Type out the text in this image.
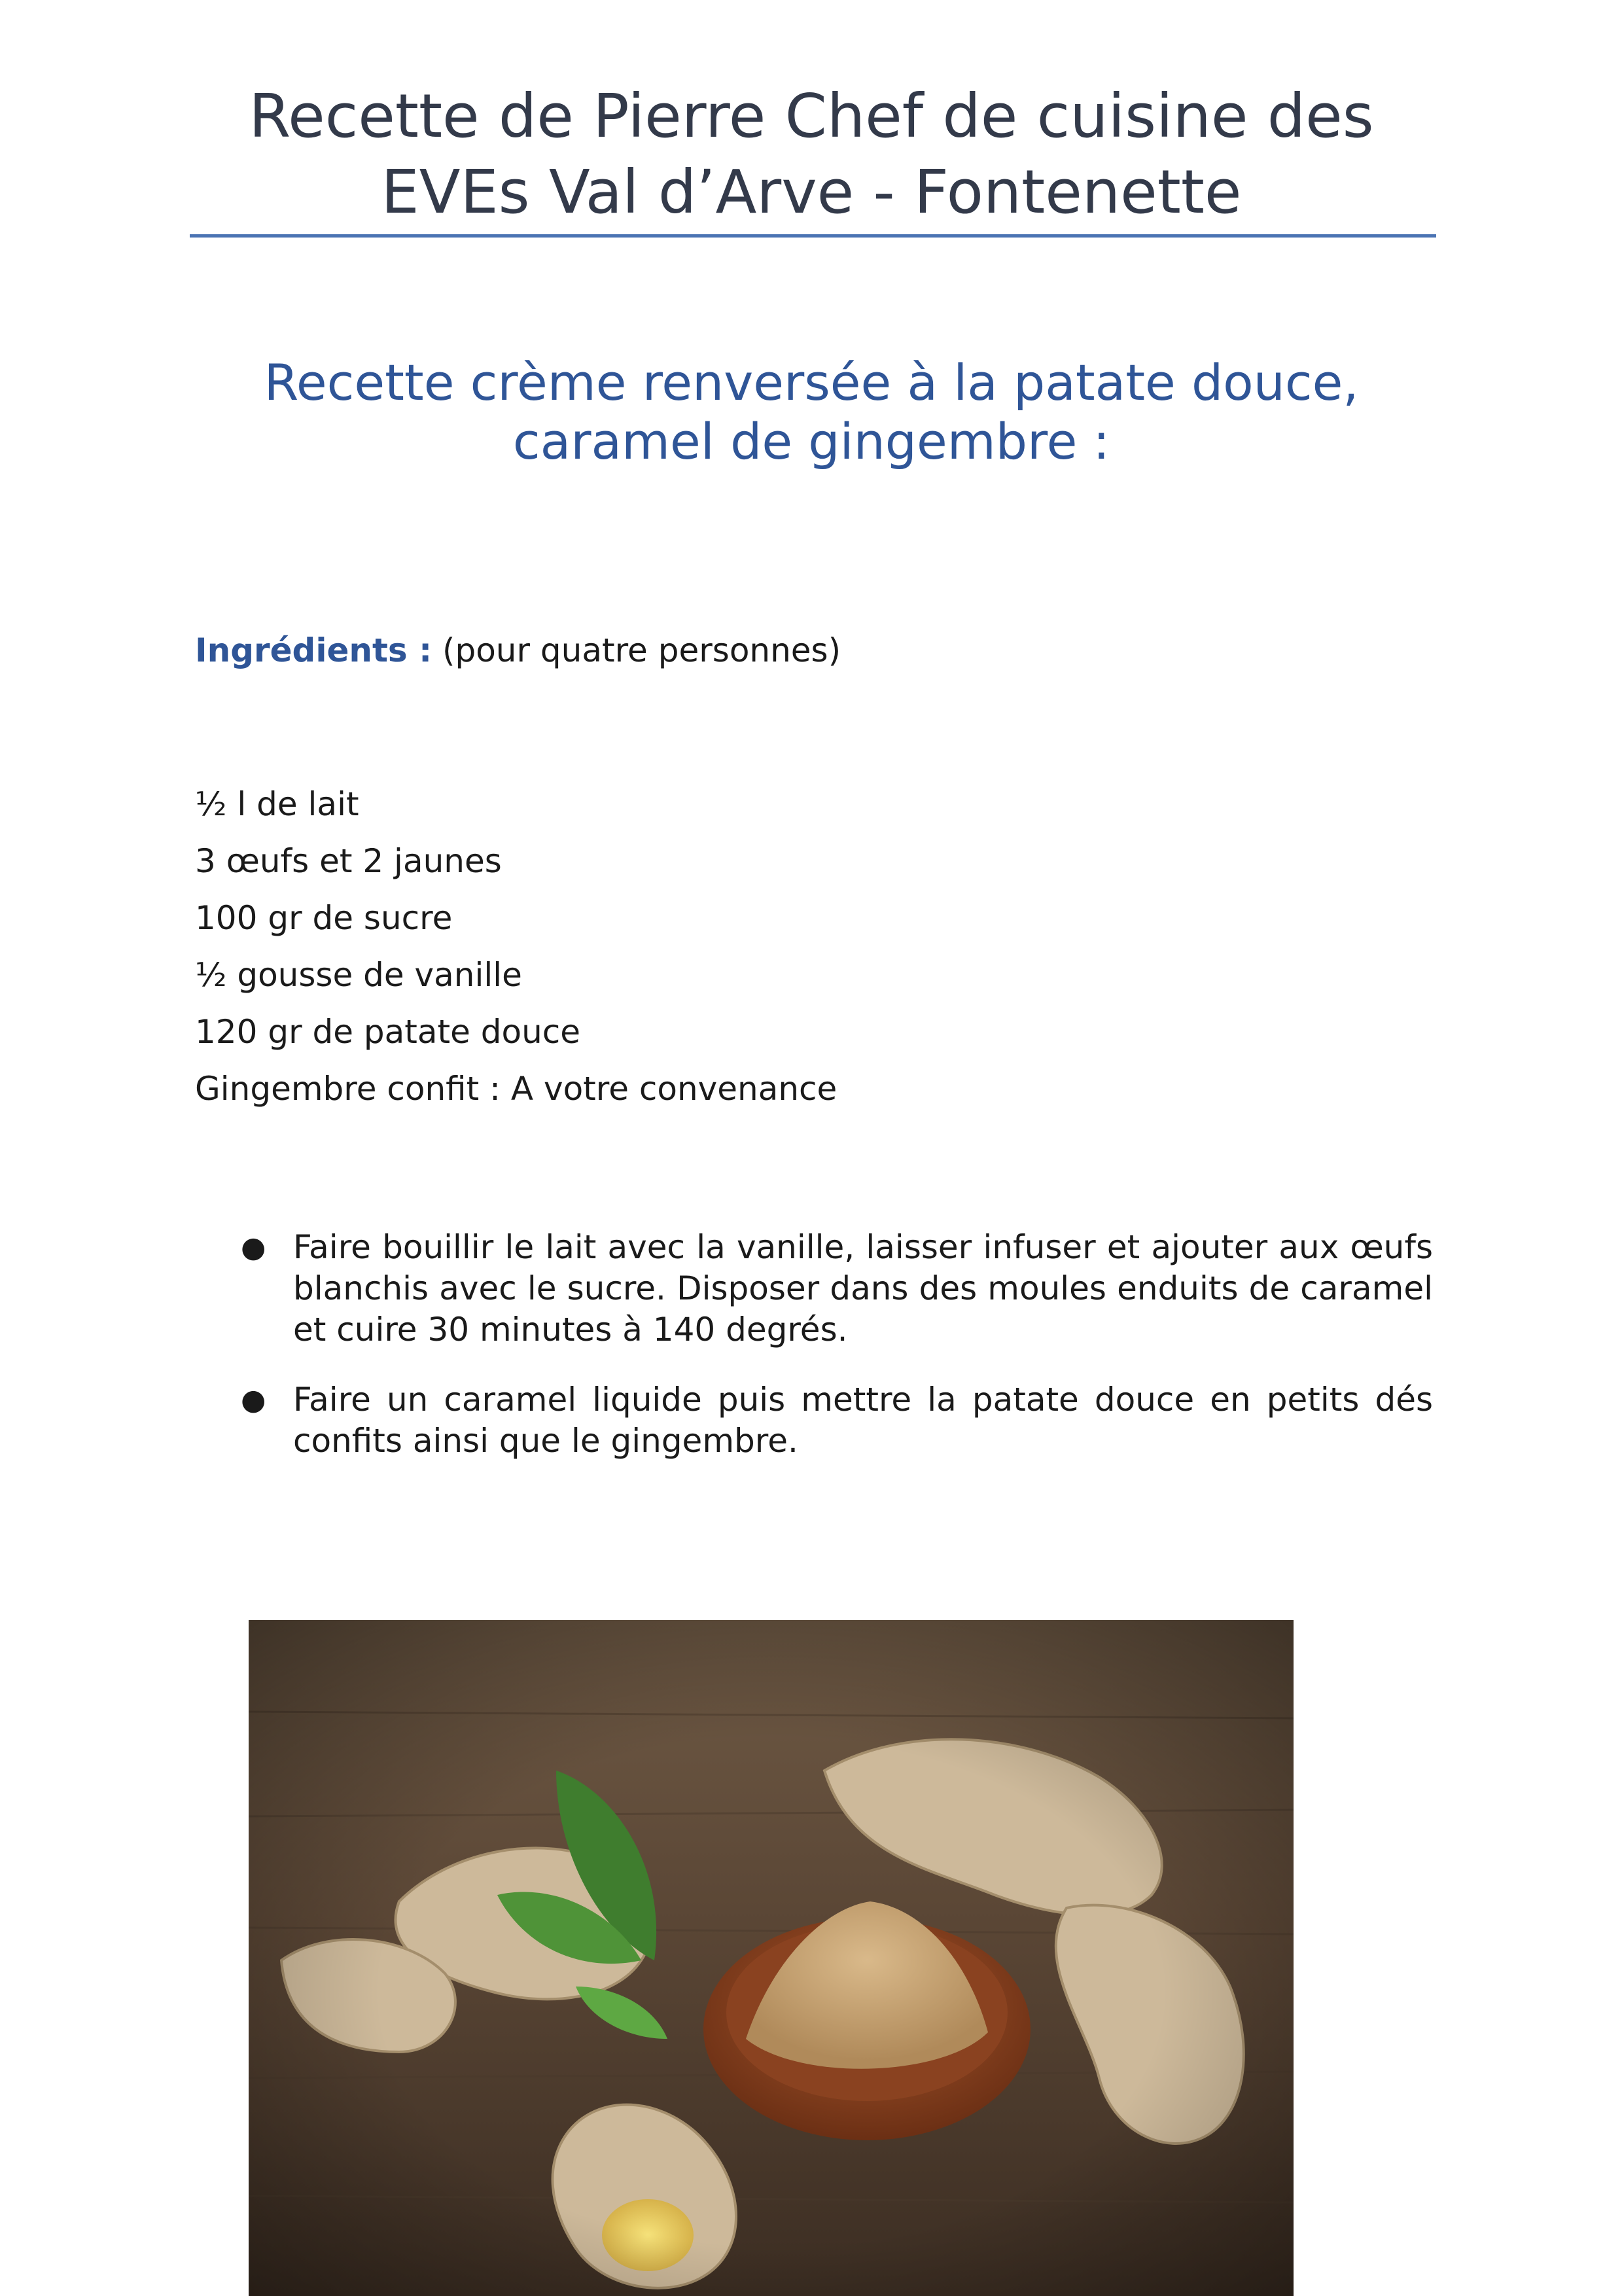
Recette de Pierre Chef de cuisine des
EVEs Val d’Arve - Fontenette
Recette crème renversée à la patate douce,
caramel de gingembre :

Ingrédients : (pour quatre personnes)

½ l de lait
3 œufs et 2 jaunes
100 gr de sucre
½ gousse de vanille
120 gr de patate douce
Gingembre confit : A votre convenance
● Faire bouillir le lait avec la vanille, laisser infuser et ajouter aux œufs blanchis avec le sucre. Disposer dans des moules enduits de caramel et cuire 30 minutes à 140 degrés.
● Faire un caramel liquide puis mettre la patate douce en petits dés confits ainsi que le gingembre.
